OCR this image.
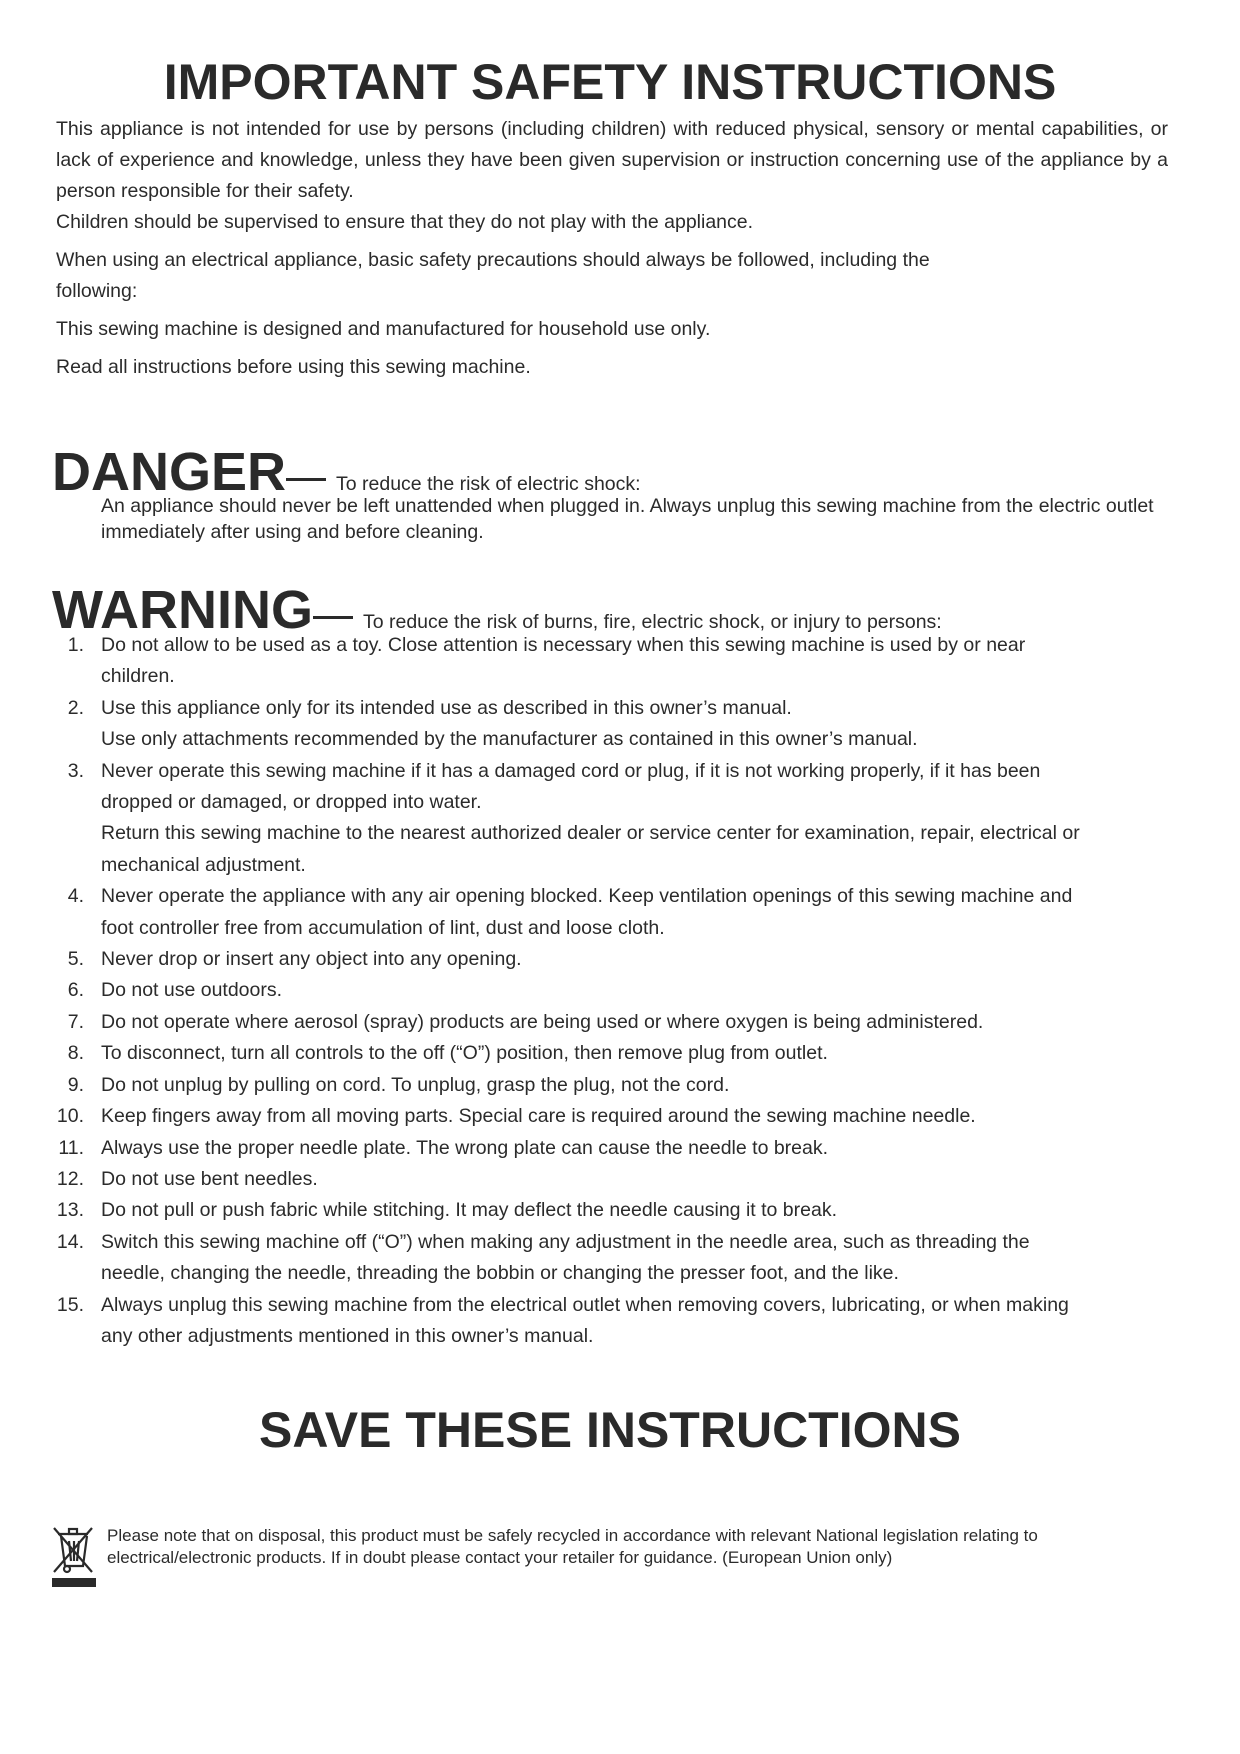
IMPORTANT SAFETY INSTRUCTIONS

This appliance is not intended for use by persons (including children) with reduced physical, sensory or mental capabilities, or lack of experience and knowledge, unless they have been given supervision or instruction concerning use of the appliance by a person responsible for their safety.

Children should be supervised to ensure that they do not play with the appliance.

When using an electrical appliance, basic safety precautions should always be followed, including the
following:

This sewing machine is designed and manufactured for household use only.

Read all instructions before using this sewing machine.

DANGER	To reduce the risk of electric shock:

An appliance should never be left unattended when plugged in. Always unplug this sewing machine from the electric outlet immediately after using and before cleaning.

WARNING	To reduce the risk of burns, fire, electric shock, or injury to persons:
1. Do not allow to be used as a toy. Close attention is necessary when this sewing machine is used by or near
children.
2. Use this appliance only for its intended use as described in this owner’s manual.
Use only attachments recommended by the manufacturer as contained in this owner’s manual.
3. Never operate this sewing machine if it has a damaged cord or plug, if it is not working properly, if it has been
dropped or damaged, or dropped into water.
Return this sewing machine to the nearest authorized dealer or service center for examination, repair, electrical or
mechanical adjustment.
4. Never operate the appliance with any air opening blocked. Keep ventilation openings of this sewing machine and
foot controller free from accumulation of lint, dust and loose cloth.
5. Never drop or insert any object into any opening.
6. Do not use outdoors.
7. Do not operate where aerosol (spray) products are being used or where oxygen is being administered.
8. To disconnect, turn all controls to the off (“O”) position, then remove plug from outlet.
9. Do not unplug by pulling on cord. To unplug, grasp the plug, not the cord.
10. Keep fingers away from all moving parts. Special care is required around the sewing machine needle.
11. Always use the proper needle plate. The wrong plate can cause the needle to break.
12. Do not use bent needles.
13. Do not pull or push fabric while stitching. It may deflect the needle causing it to break.
14. Switch this sewing machine off (“O”) when making any adjustment in the needle area, such as threading the
needle, changing the needle, threading the bobbin or changing the presser foot, and the like.
15. Always unplug this sewing machine from the electrical outlet when removing covers, lubricating, or when making
any other adjustments mentioned in this owner’s manual.
SAVE THESE INSTRUCTIONS

Please note that on disposal, this product must be safely recycled in accordance with relevant National legislation relating to electrical/electronic products. If in doubt please contact your retailer for guidance. (European Union only)
